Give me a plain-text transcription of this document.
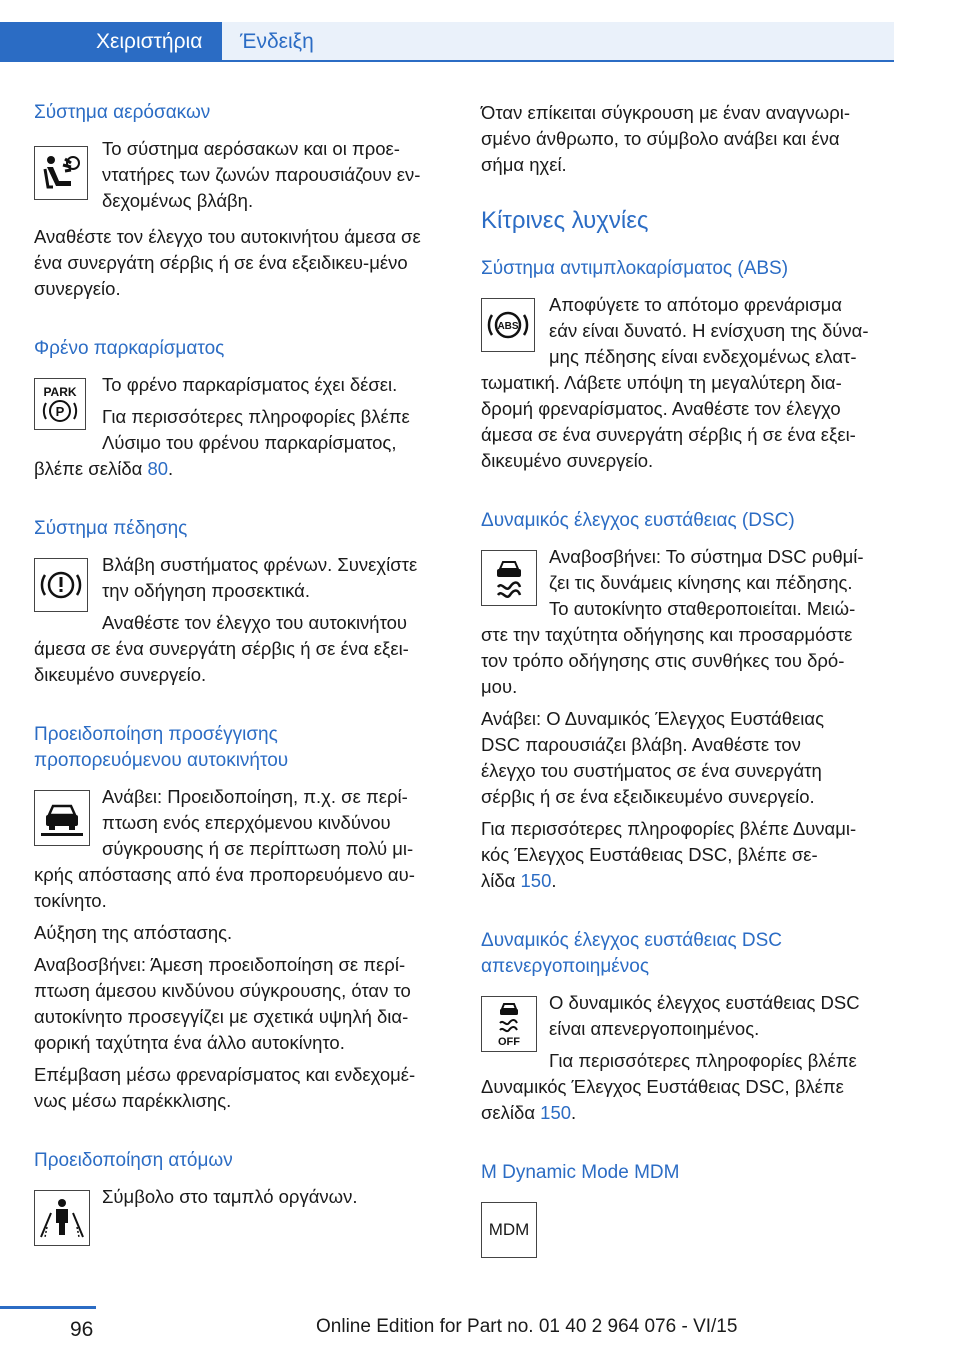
Χειριστήρια Ένδειξη

Σύστημα αερόσακων

Το σύστημα αερόσακων και οι προε-
ντατήρες των ζωνών παρουσιάζουν εν-
δεχομένως βλάβη.

Αναθέστε τον έλεγχο του αυτοκινήτου άμεσα σε ένα συνεργάτη σέρβις ή σε ένα εξειδικευ-μένο συνεργείο.

Φρένο παρκαρίσματος

PARK
P

Το φρένο παρκαρίσματος έχει δέσει.

Για περισσότερες πληροφορίες βλέπε

Λύσιμο του φρένου παρκαρίσματος,

βλέπε σελίδα 80.

Σύστημα πέδησης

Βλάβη συστήματος φρένων. Συνεχίστε

την οδήγηση προσεκτικά.

Αναθέστε τον έλεγχο του αυτοκινήτου

άμεσα σε ένα συνεργάτη σέρβις ή σε ένα εξει-

δικευμένο συνεργείο.

Προειδοποίηση προσέγγισης

προπορευόμενου αυτοκινήτου

Ανάβει: Προειδοποίηση, π.χ. σε περί-

πτωση ενός επερχόμενου κινδύνου

σύγκρουσης ή σε περίπτωση πολύ μι-

κρής απόστασης από ένα προπορευόμενο αυ-

τοκίνητο.

Αύξηση της απόστασης.

Αναβοσβήνει: Άμεση προειδοποίηση σε περί-

πτωση άμεσου κινδύνου σύγκρουσης, όταν το

αυτοκίνητο προσεγγίζει με σχετικά υψηλή δια-

φορική ταχύτητα ένα άλλο αυτοκίνητο.

Επέμβαση μέσω φρεναρίσματος και ενδεχομέ-

νως μέσω παρέκκλισης.

Προειδοποίηση ατόμων

Σύμβολο στο ταμπλό οργάνων.

Όταν επίκειται σύγκρουση με έναν αναγνωρι-

σμένο άνθρωπο, το σύμβολο ανάβει και ένα

σήμα ηχεί.

Κίτρινες λυχνίες

Σύστημα αντιμπλοκαρίσματος (ABS)

ABS

Αποφύγετε το απότομο φρενάρισμα

εάν είναι δυνατό. Η ενίσχυση της δύνα-

μης πέδησης είναι ενδεχομένως ελατ-

τωματική. Λάβετε υπόψη τη μεγαλύτερη δια-

δρομή φρεναρίσματος. Αναθέστε τον έλεγχο

άμεσα σε ένα συνεργάτη σέρβις ή σε ένα εξει-

δικευμένο συνεργείο.

Δυναμικός έλεγχος ευστάθειας (DSC)

Αναβοσβήνει: Το σύστημα DSC ρυθμί-

ζει τις δυνάμεις κίνησης και πέδησης.

Το αυτοκίνητο σταθεροποιείται. Μειώ-

στε την ταχύτητα οδήγησης και προσαρμόστε

τον τρόπο οδήγησης στις συνθήκες του δρό-

μου.

Ανάβει: Ο Δυναμικός Έλεγχος Ευστάθειας

DSC παρουσιάζει βλάβη. Αναθέστε τον

έλεγχο του συστήματος σε ένα συνεργάτη

σέρβις ή σε ένα εξειδικευμένο συνεργείο.

Για περισσότερες πληροφορίες βλέπε Δυναμι-

κός Έλεγχος Ευστάθειας DSC, βλέπε σε-

λίδα 150.

Δυναμικός έλεγχος ευστάθειας DSC

απενεργοποιημένος

OFF

Ο δυναμικός έλεγχος ευστάθειας DSC

είναι απενεργοποιημένος.

Για περισσότερες πληροφορίες βλέπε

Δυναμικός Έλεγχος Ευστάθειας DSC, βλέπε

σελίδα 150.

M Dynamic Mode MDM

MDM
96	Online Edition for Part no. 01 40 2 964 076 - VI/15
